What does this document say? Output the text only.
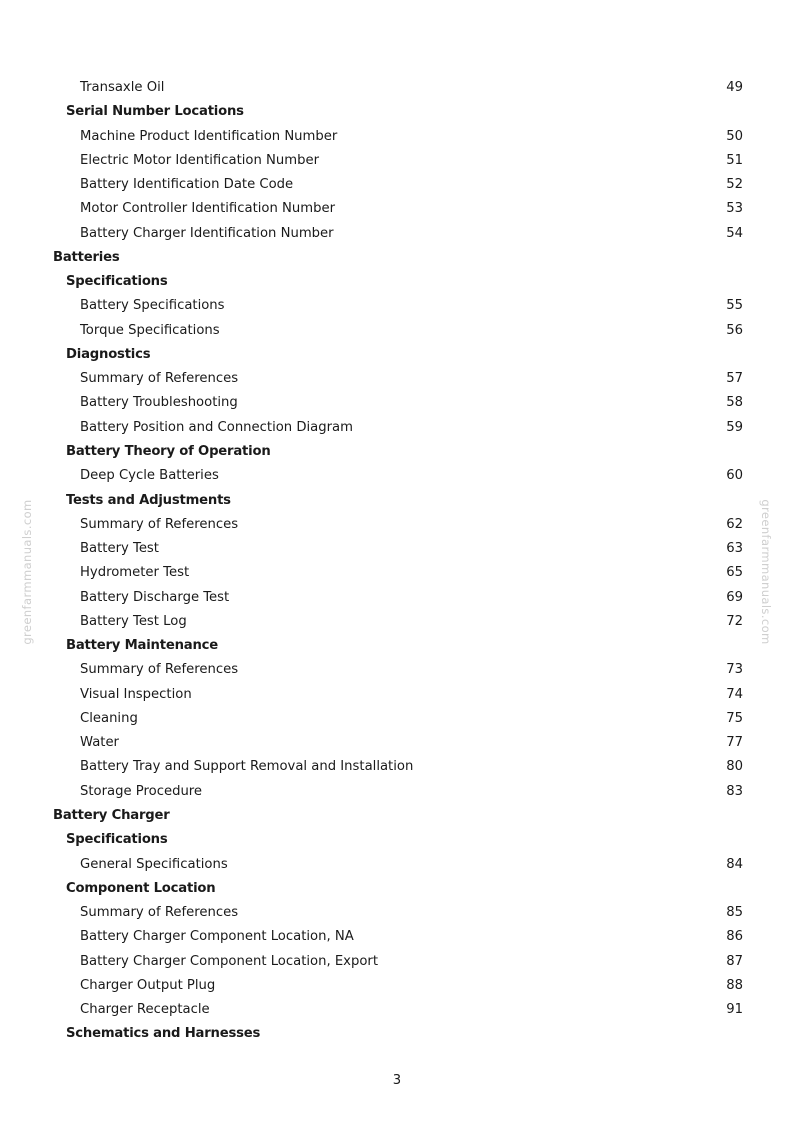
Transaxle Oil	49
Serial Number Locations
Machine Product Identification Number	50
Electric Motor Identification Number	51
Battery Identification Date Code	52
Motor Controller Identification Number	53
Battery Charger Identification Number	54
Batteries
Specifications
Battery Specifications	55
Torque Specifications	56
Diagnostics
Summary of References	57
Battery Troubleshooting	58
Battery Position and Connection Diagram	59
Battery Theory of Operation
Deep Cycle Batteries	60
Tests and Adjustments
Summary of References	62
Battery Test	63
Hydrometer Test	65
Battery Discharge Test	69
Battery Test Log	72
Battery Maintenance
Summary of References	73
Visual Inspection	74
Cleaning	75
Water	77
Battery Tray and Support Removal and Installation	80
Storage Procedure	83
Battery Charger
Specifications
General Specifications	84
Component Location
Summary of References	85
Battery Charger Component Location, NA	86
Battery Charger Component Location, Export	87
Charger Output Plug	88
Charger Receptacle	91
Schematics and Harnesses
3
greenfarmmanuals.com	greenfarmmanuals.com
